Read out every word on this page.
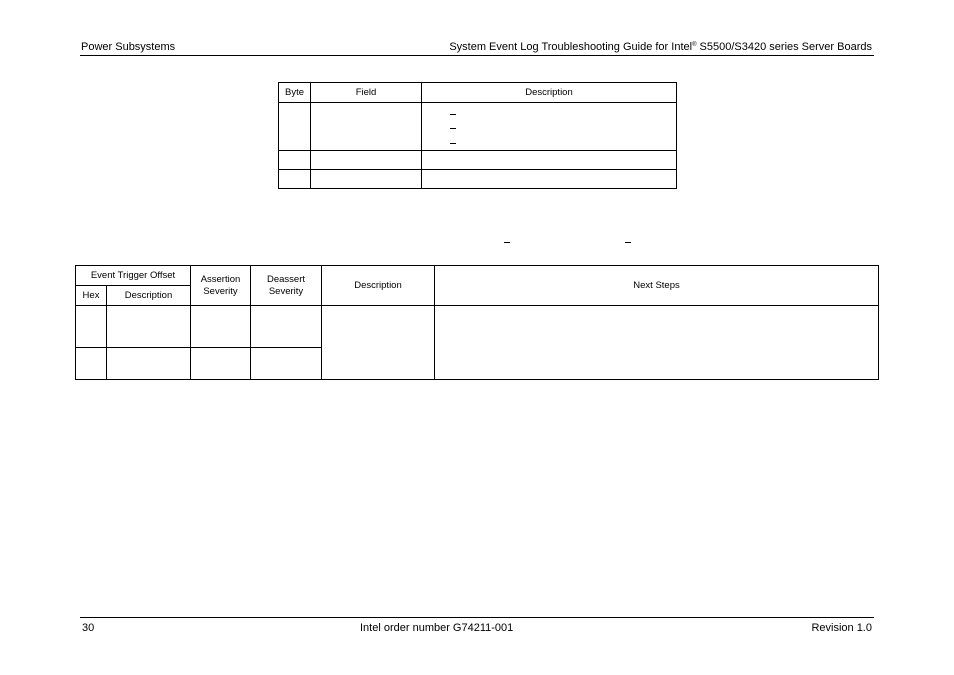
Power Subsystems	System Event Log Troubleshooting Guide for Intel® S5500/S3420 series Server Boards
Byte	Field	Description

Event Trigger Offset		Assertion Severity	Deassert Severity	Description	Next Steps
Hex	Description				

30	Intel order number G74211-001	Revision 1.0
